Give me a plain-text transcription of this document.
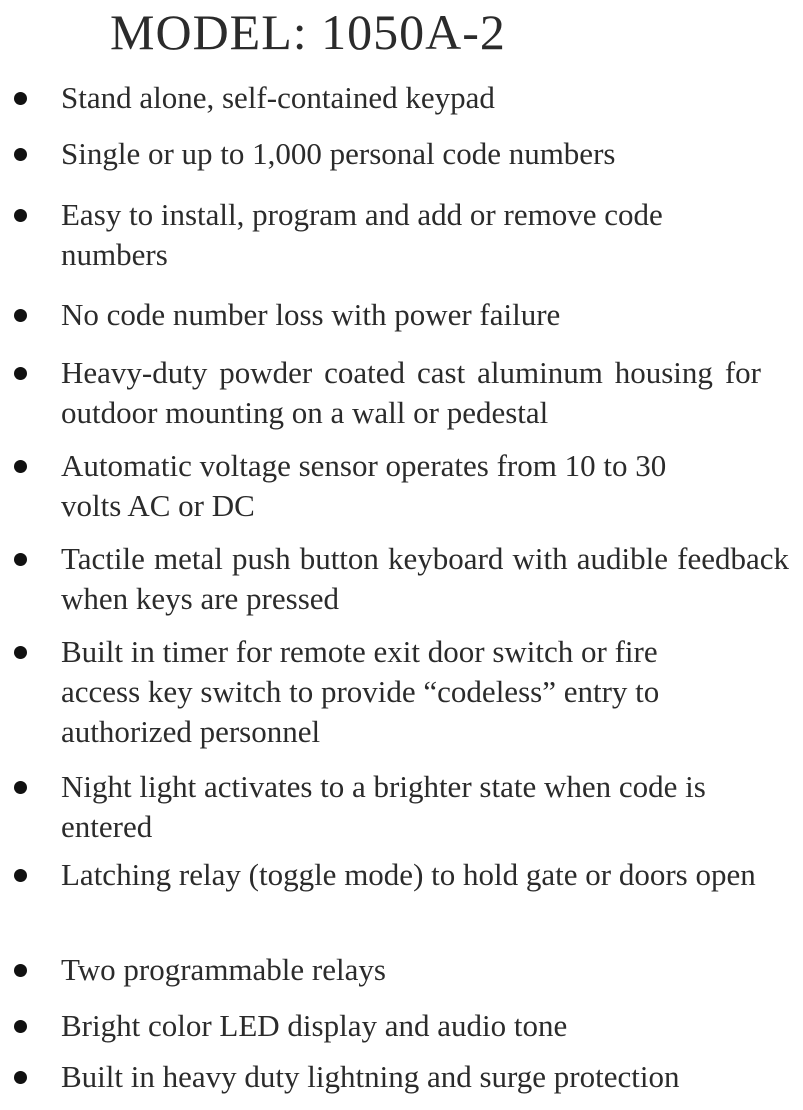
MODEL: 1050A-2
Stand alone, self-contained keypad
Single or up to 1,000 personal code numbers
Easy to install, program and add or remove code numbers
No code number loss with power failure
Heavy-duty powder coated cast aluminum housing for outdoor mounting on a wall or pedestal
Automatic voltage sensor operates from 10 to 30 volts AC or DC
Tactile metal push button keyboard with audible feedback when keys are pressed
Built in timer for remote exit door switch or fire access key switch to provide “codeless” entry to authorized personnel
Night light activates to a brighter state when code is entered
Latching relay (toggle mode) to hold gate or doors open
Two programmable relays
Bright color LED display and audio tone
Built in heavy duty lightning and surge protection
